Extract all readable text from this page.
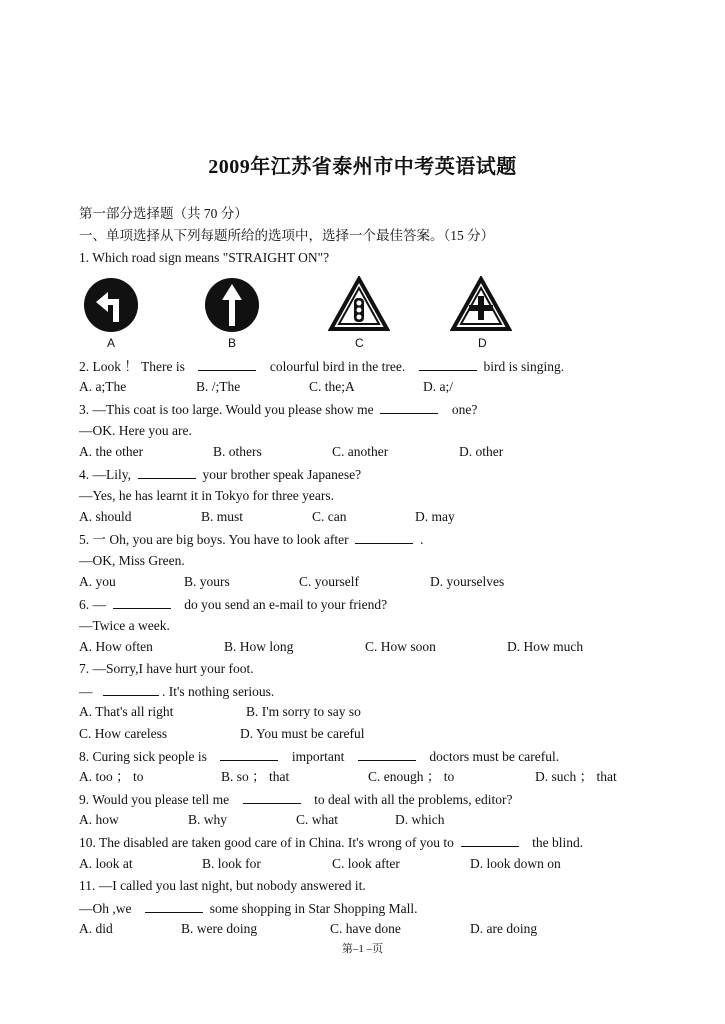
2009年江苏省泰州市中考英语试题
第一部分选择题（共 70 分）
一、单项选择从下列每题所给的选项中，选择一个最佳答案。（15 分）
1. Which road sign means "STRAIGHT ON"?
A	B	C	D
2. Look ！ There is	colourful bird in the tree.	bird is singing.
A. a;The	B. /;The	C. the;A	D. a;/
3. —This coat is too large. Would you please show me	one?
—OK. Here you are.
A. the other	B. others	C. another	D. other
4. —Lily,	your brother speak Japanese?
—Yes, he has learnt it in Tokyo for three years.
A. should	B. must	C. can	D. may
5. 一 Oh, you are big boys. You have to look after	.
—OK, Miss Green.
A. you	B. yours	C. yourself	D. yourselves
6. —	do you send an e-mail to your friend?
—Twice a week.
A. How often	B. How long	C. How soon	D. How much
7. —Sorry,I have hurt your foot.
—	. It's nothing serious.
A. That's all right	B. I'm sorry to say so
C. How careless	D. You must be careful
8. Curing sick people is	important	doctors must be careful.
A. too ； to	B. so ； that	C. enough ； to	D. such ； that
9. Would you please tell me	to deal with all the problems, editor?
A. how	B. why	C. what	D. which
10. The disabled are taken good care of in China. It's wrong of you to	the blind.
A. look at	B. look for	C. look after	D. look down on
11. —I called you last night, but nobody answered it.
—Oh ,we	some shopping in Star Shopping Mall.
A. did	B. were doing	C. have done	D. are doing
第–1 –页
